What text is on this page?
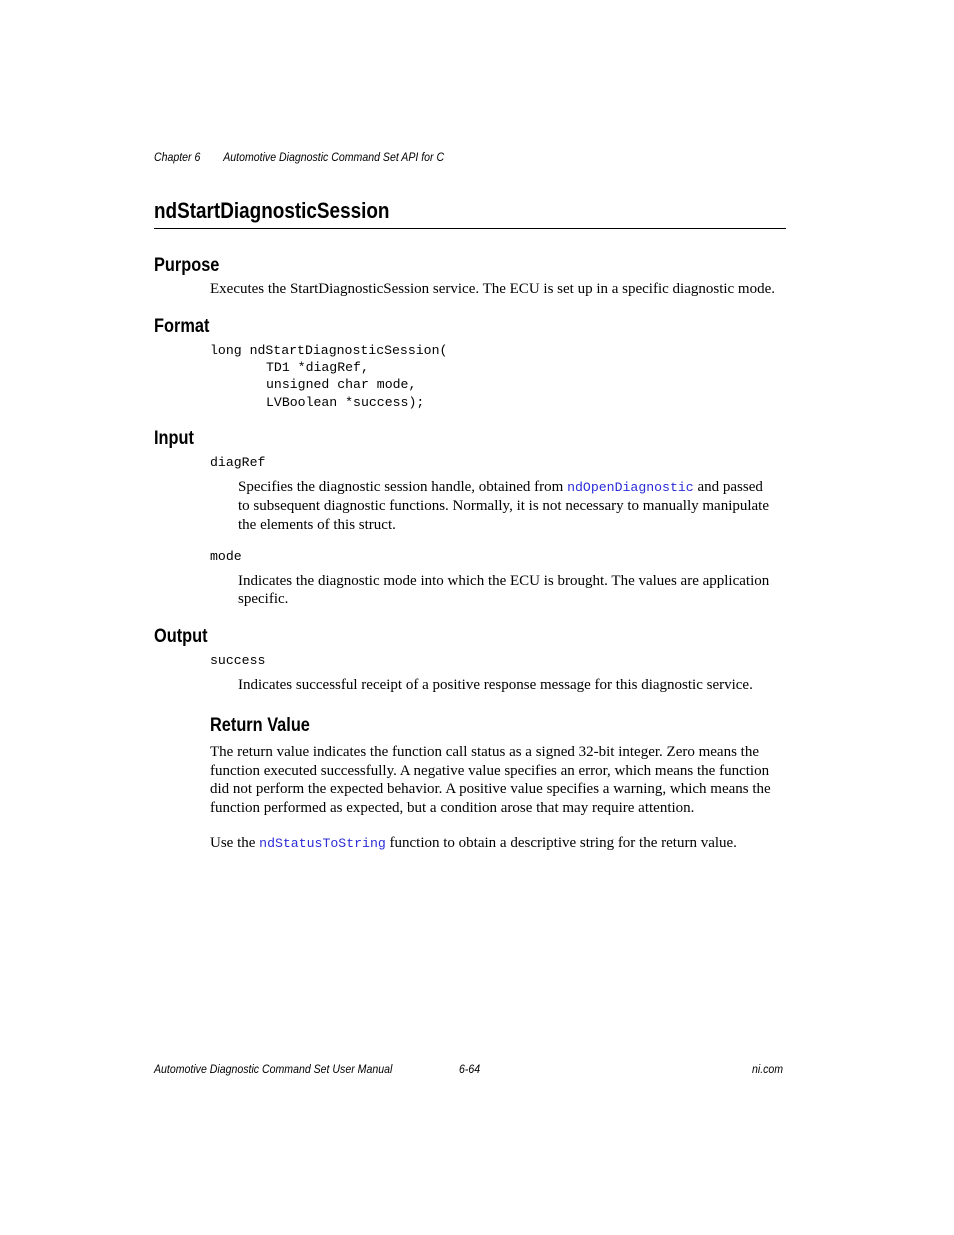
Chapter 6 Automotive Diagnostic Command Set API for C
ndStartDiagnosticSession
Purpose
Executes the StartDiagnosticSession service. The ECU is set up in a specific diagnostic mode.
Format
long ndStartDiagnosticSession(
TD1 *diagRef,
unsigned char mode,
LVBoolean *success);
Input
diagRef
Specifies the diagnostic session handle, obtained from ndOpenDiagnostic and passed
to subsequent diagnostic functions. Normally, it is not necessary to manually manipulate
the elements of this struct.
mode
Indicates the diagnostic mode into which the ECU is brought. The values are application
specific.
Output
success
Indicates successful receipt of a positive response message for this diagnostic service.
Return Value
The return value indicates the function call status as a signed 32-bit integer. Zero means the
function executed successfully. A negative value specifies an error, which means the function
did not perform the expected behavior. A positive value specifies a warning, which means the
function performed as expected, but a condition arose that may require attention.
Use the ndStatusToString function to obtain a descriptive string for the return value.
Automotive Diagnostic Command Set User Manual	6-64	ni.com
